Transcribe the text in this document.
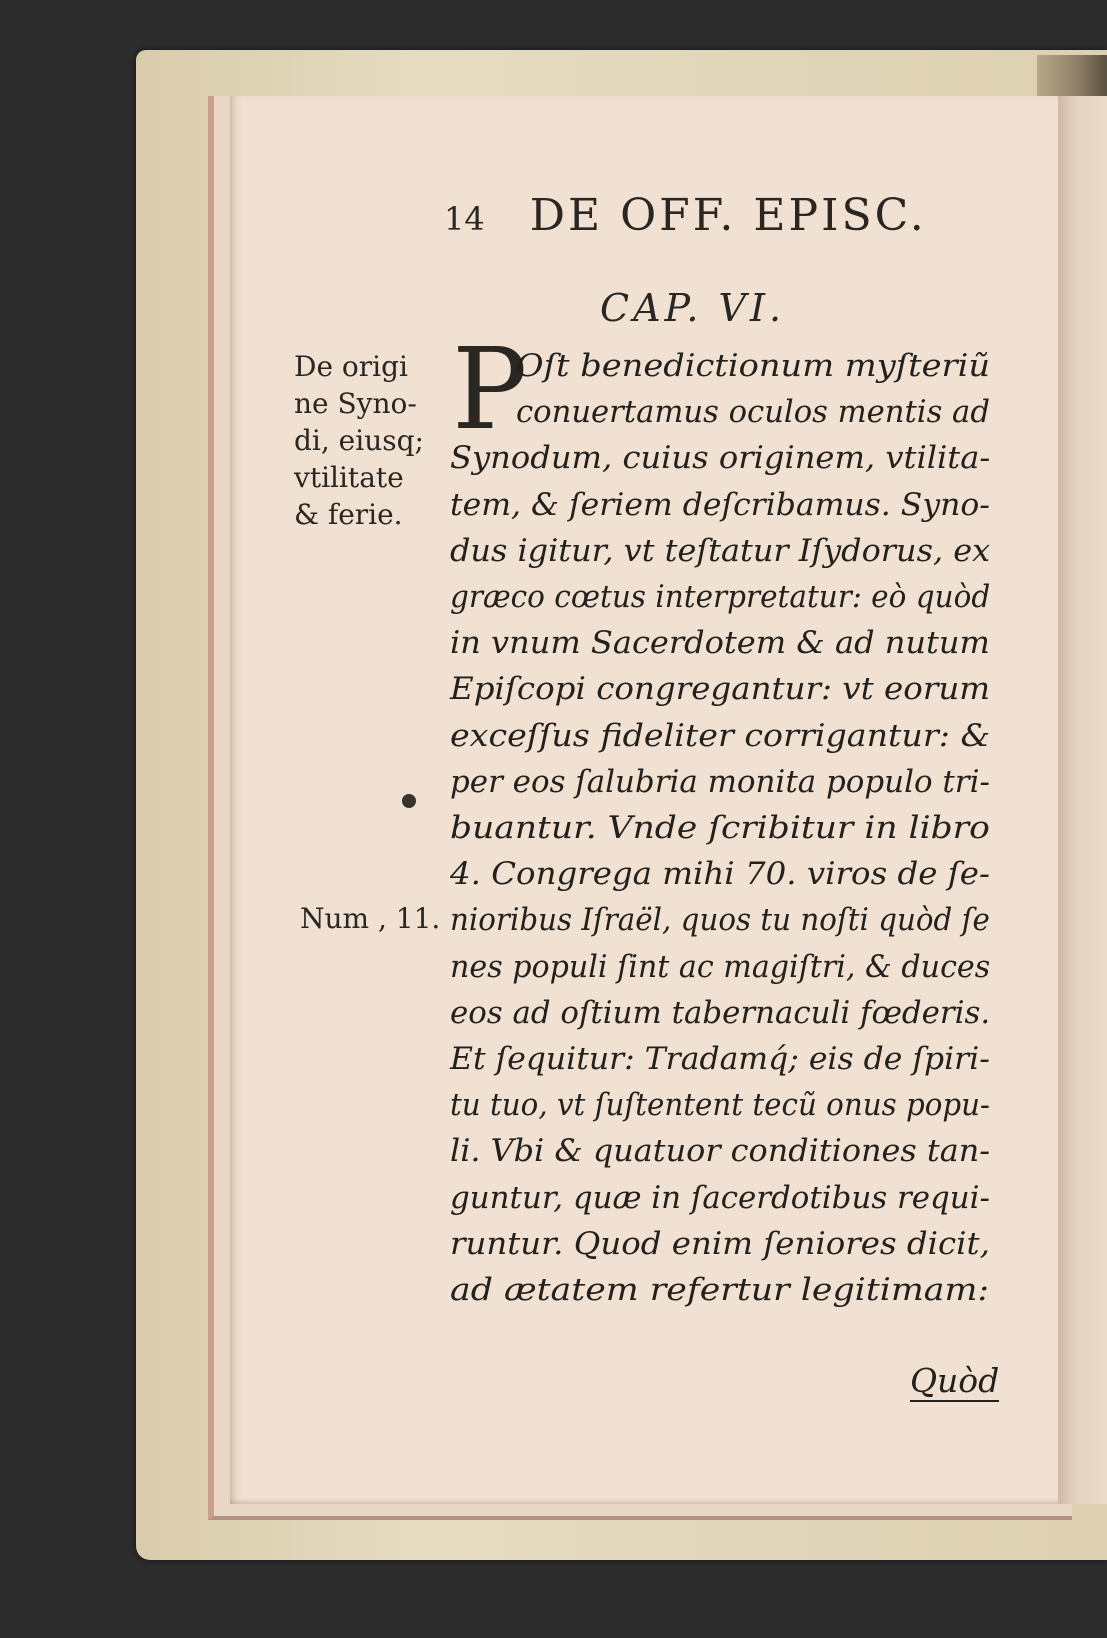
14 DE OFF. EPISC.
CAP. VI.
De origi
ne Syno-
di, eiusq;
vtilitate
& ferie.
Num , 11.
P
Oſt benedictionum myſteriũ
conuertamus oculos mentis ad
Synodum, cuius originem, vtilita-
tem, & ſeriem deſcribamus. Syno-
dus igitur, vt teſtatur Iſydorus, ex
græco cœtus interpretatur: eò quòd
in vnum Sacerdotem & ad nutum
Epiſcopi congregantur: vt eorum
exceſſus fideliter corrigantur: &
per eos ſalubria monita populo tri-
buantur. Vnde ſcribitur in libro
4. Congrega mihi 70. viros de ſe-
nioribus Iſraël, quos tu noſti quòd ſe
nes populi ſint ac magiſtri, & duces
eos ad oſtium tabernaculi fœderis.
Et ſequitur: Tradamq́; eis de ſpiri-
tu tuo, vt ſuſtentent tecũ onus popu-
li. Vbi & quatuor conditiones tan-
guntur, quæ in ſacerdotibus requi-
runtur. Quod enim ſeniores dicit,
ad ætatem refertur legitimam:
Quòd
